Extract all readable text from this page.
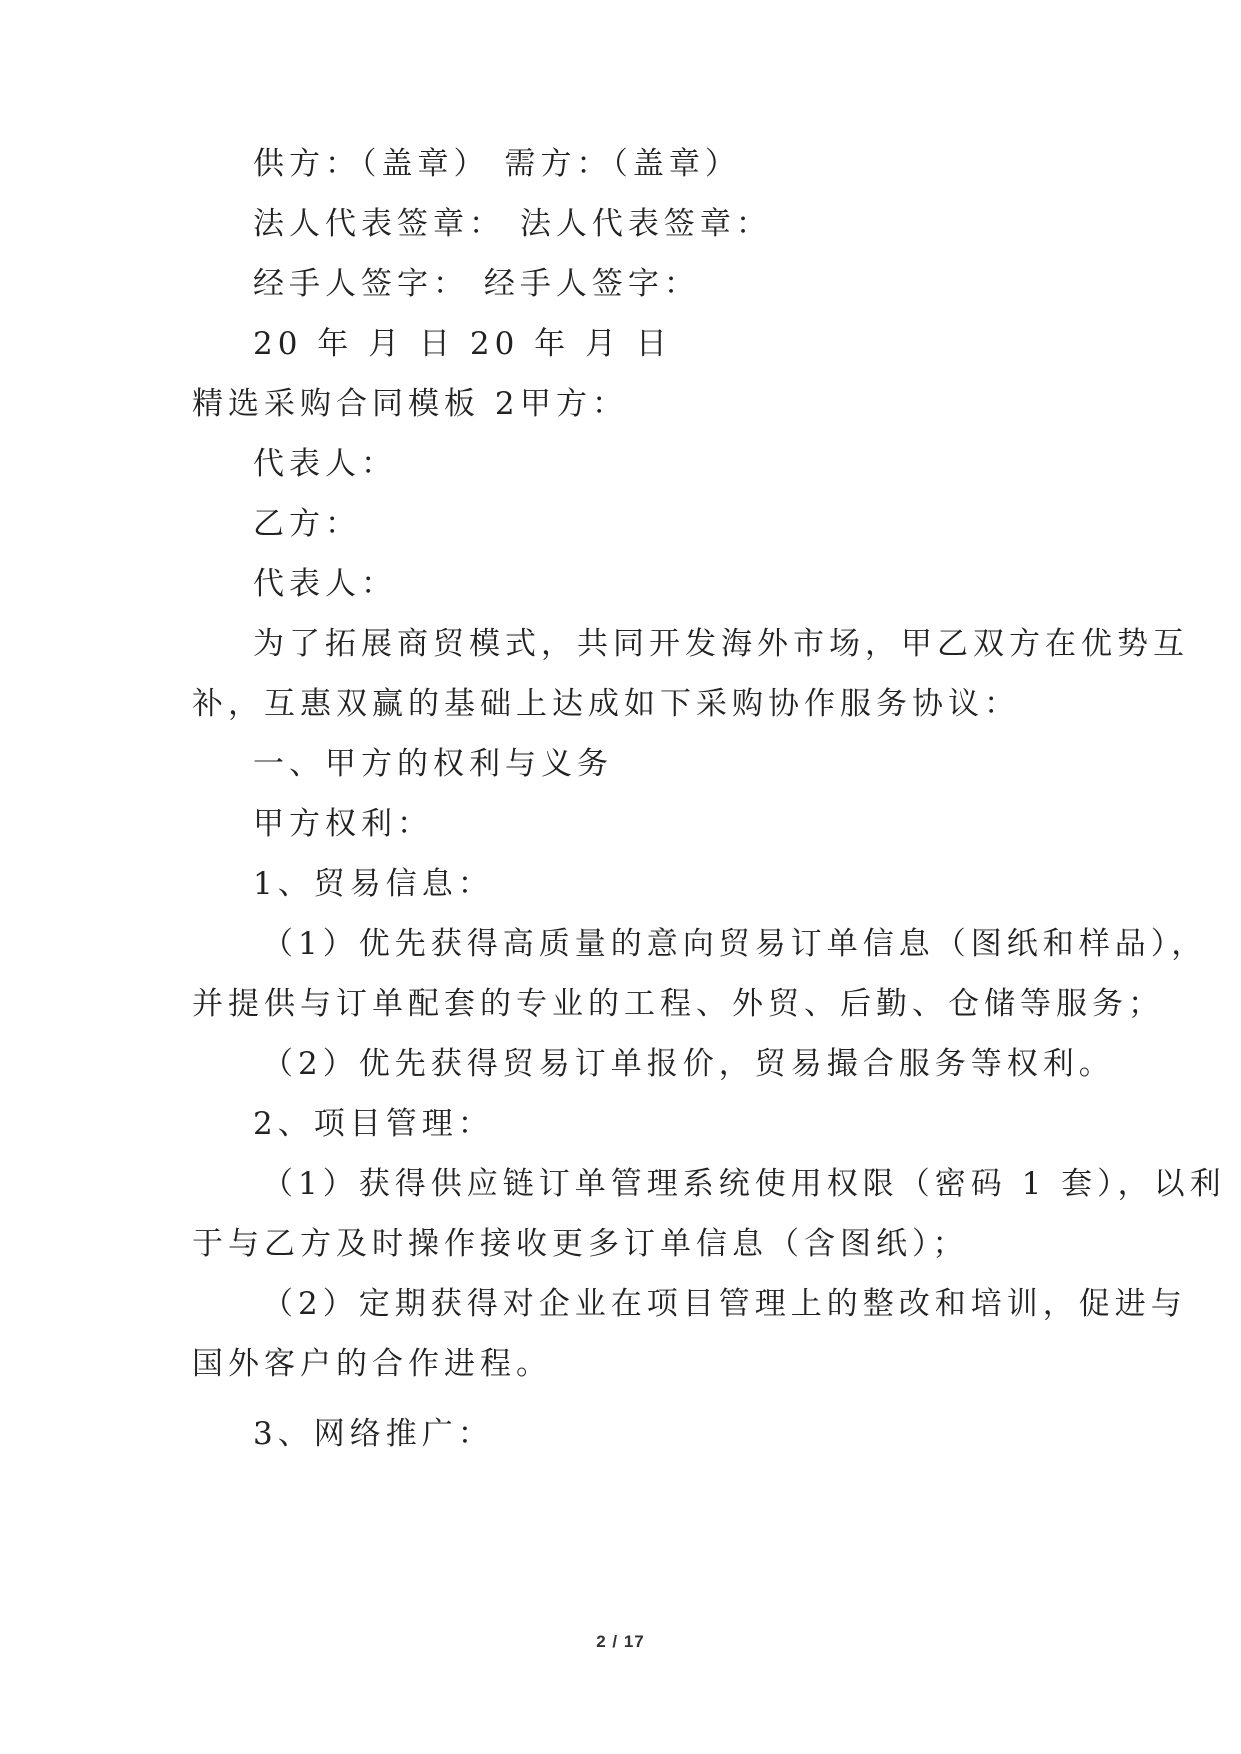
供方：（盖章） 需方：（盖章）
法人代表签章： 法人代表签章：
经手人签字： 经手人签字：
20 年 月 日 20 年 月 日
精选采购合同模板 2 甲方：
代表人：
乙方：
代表人：
为了拓展商贸模式，共同开发海外市场，甲乙双方在优势互
补，互惠双赢的基础上达成如下采购协作服务协议：
一、甲方的权利与义务
甲方权利：
1、贸易信息：
（1）优先获得高质量的意向贸易订单信息（图纸和样品），
并提供与订单配套的专业的工程、外贸、后勤、仓储等服务；
（2）优先获得贸易订单报价，贸易撮合服务等权利。
2、项目管理：
（1）获得供应链订单管理系统使用权限（密码 1 套），以利
于与乙方及时操作接收更多订单信息（含图纸）；
（2）定期获得对企业在项目管理上的整改和培训，促进与
国外客户的合作进程。
3、网络推广：
2 / 17
